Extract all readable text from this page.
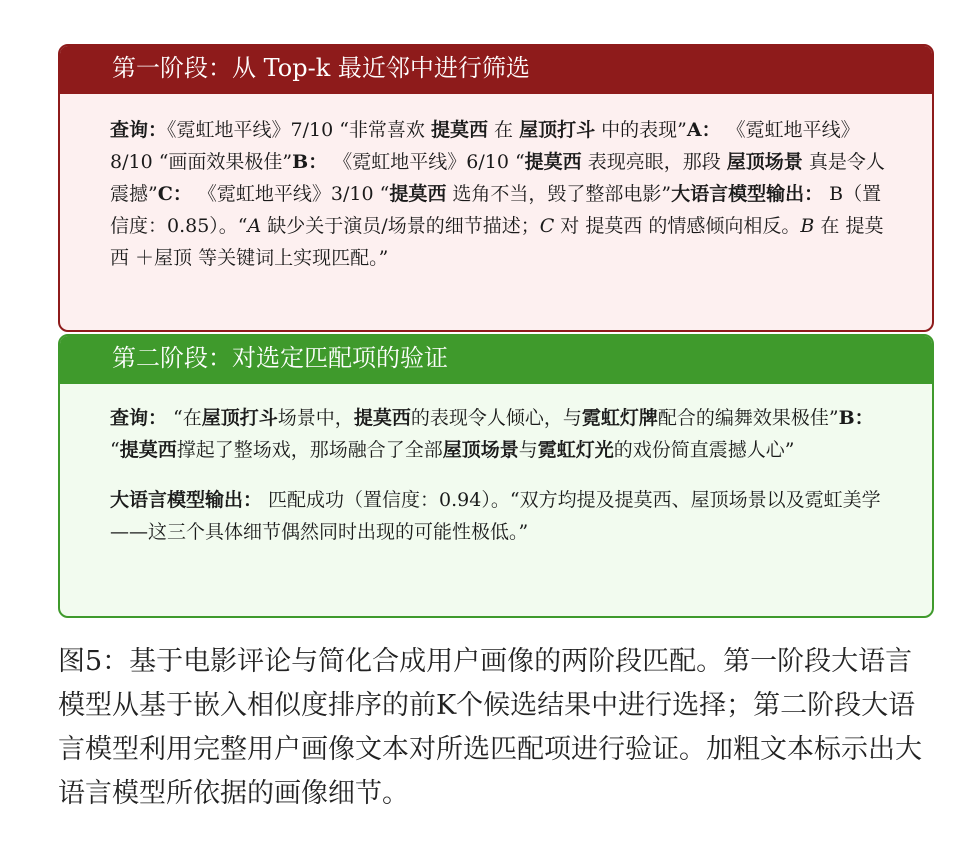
第一阶段：从 Top-k 最近邻中进行筛选
查询：《霓虹地平线》7/10 “非常喜欢 提莫西 在 屋顶打斗 中的表现”A： 《霓虹地平线》8/10 “画面效果极佳”B： 《霓虹地平线》6/10 “提莫西 表现亮眼，那段 屋顶场景 真是令人震撼”C： 《霓虹地平线》3/10 “提莫西 选角不当，毁了整部电影”大语言模型输出： B（置信度：0.85）。“A 缺少关于演员/场景的细节描述；C 对 提莫西 的情感倾向相反。B 在 提莫西 ＋屋顶 等关键词上实现匹配。”
第二阶段：对选定匹配项的验证
查询： “在屋顶打斗场景中，提莫西的表现令人倾心，与霓虹灯牌配合的编舞效果极佳”B： “提莫西撑起了整场戏，那场融合了全部屋顶场景与霓虹灯光的戏份简直震撼人心”
大语言模型输出： 匹配成功（置信度：0.94）。“双方均提及提莫西、屋顶场景以及霓虹美学——这三个具体细节偶然同时出现的可能性极低。”
图5：基于电影评论与简化合成用户画像的两阶段匹配。第一阶段大语言模型从基于嵌入相似度排序的前K个候选结果中进行选择；第二阶段大语言模型利用完整用户画像文本对所选匹配项进行验证。加粗文本标示出大语言模型所依据的画像细节。
